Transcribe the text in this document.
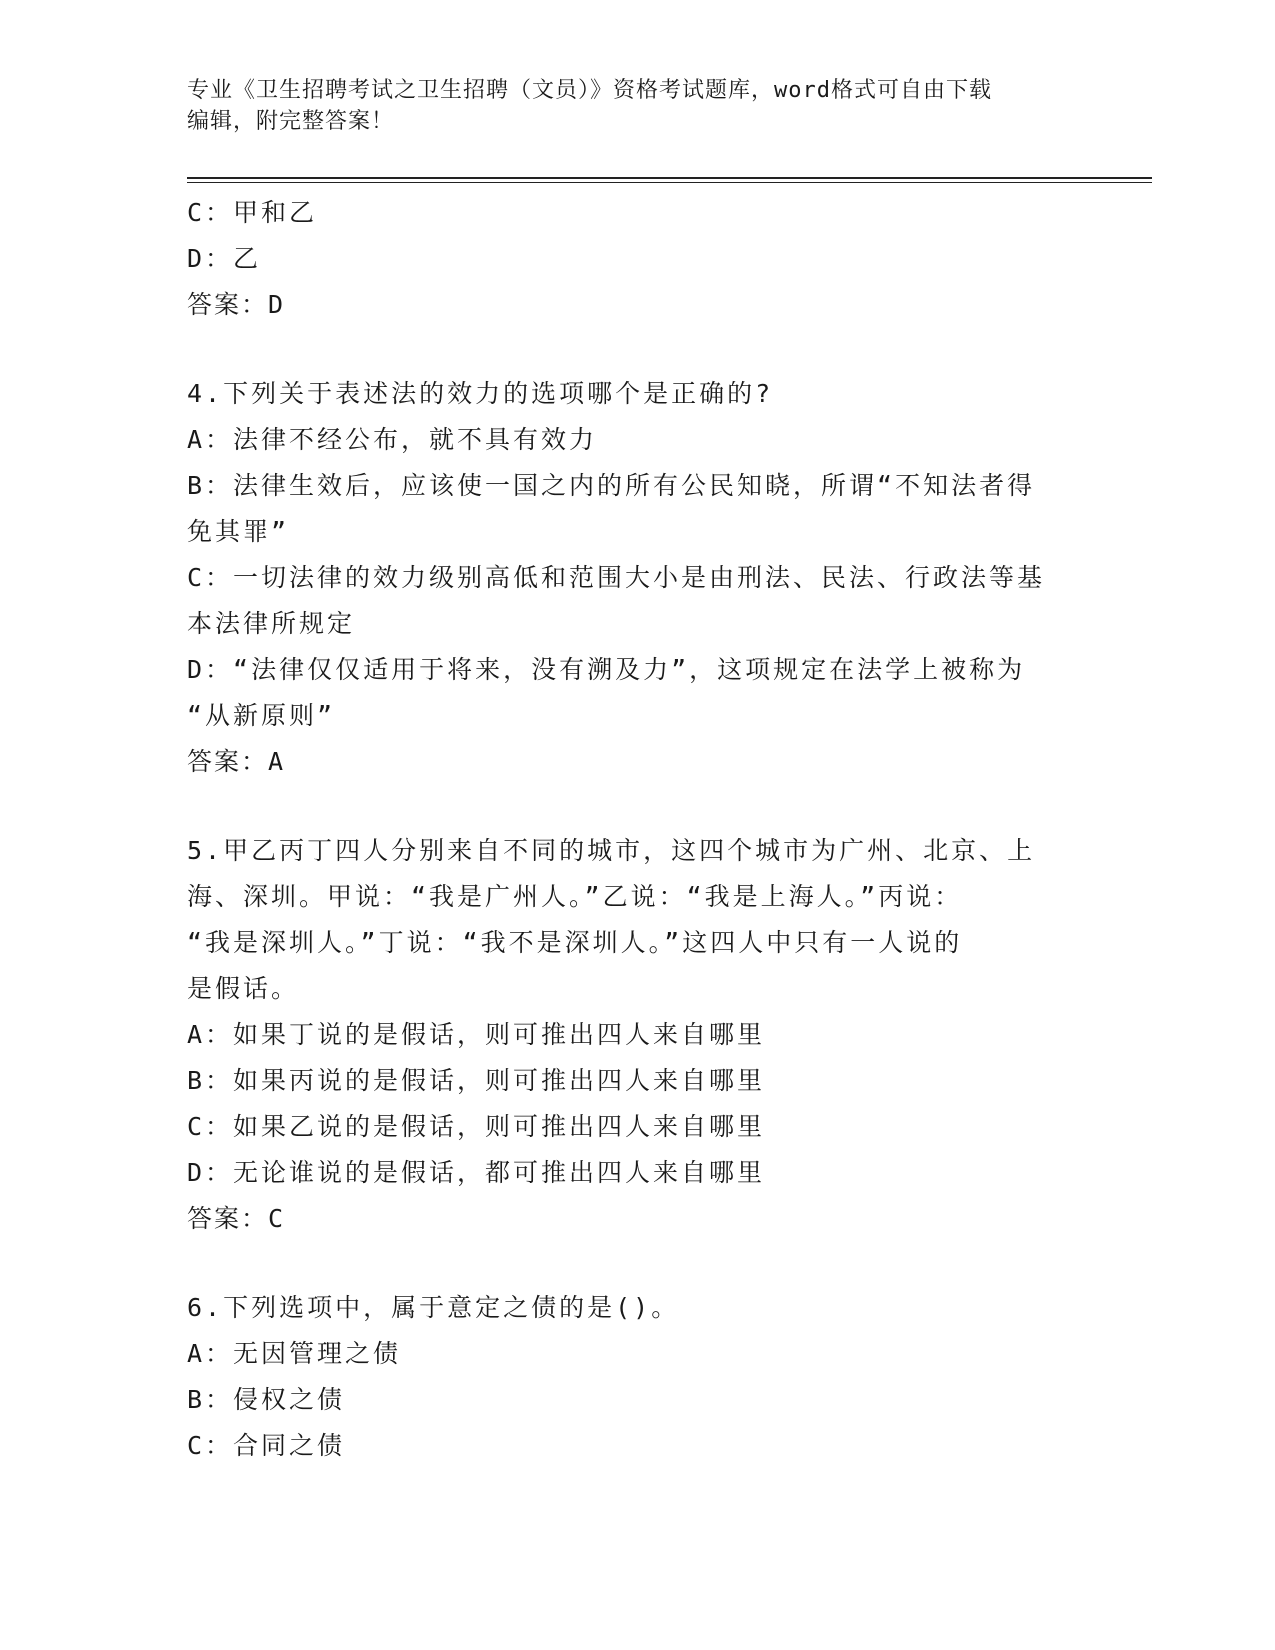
专业《卫生招聘考试之卫生招聘（文员）》资格考试题库，word格式可自由下载
编辑，附完整答案！

C：甲和乙

D：乙

答案：D

4.下列关于表述法的效力的选项哪个是正确的?

A：法律不经公布，就不具有效力

B：法律生效后，应该使一国之内的所有公民知晓，所谓“不知法者得

免其罪”

C：一切法律的效力级别高低和范围大小是由刑法、民法、行政法等基

本法律所规定

D：“法律仅仅适用于将来，没有溯及力”，这项规定在法学上被称为

“从新原则”

答案：A

5.甲乙丙丁四人分别来自不同的城市，这四个城市为广州、北京、上

海、深圳。甲说：“我是广州人。”乙说：“我是上海人。”丙说：

“我是深圳人。”丁说：“我不是深圳人。”这四人中只有一人说的

是假话。

A：如果丁说的是假话，则可推出四人来自哪里

B：如果丙说的是假话，则可推出四人来自哪里

C：如果乙说的是假话，则可推出四人来自哪里

D：无论谁说的是假话，都可推出四人来自哪里

答案：C

6.下列选项中，属于意定之债的是()。

A：无因管理之债

B：侵权之债

C：合同之债
